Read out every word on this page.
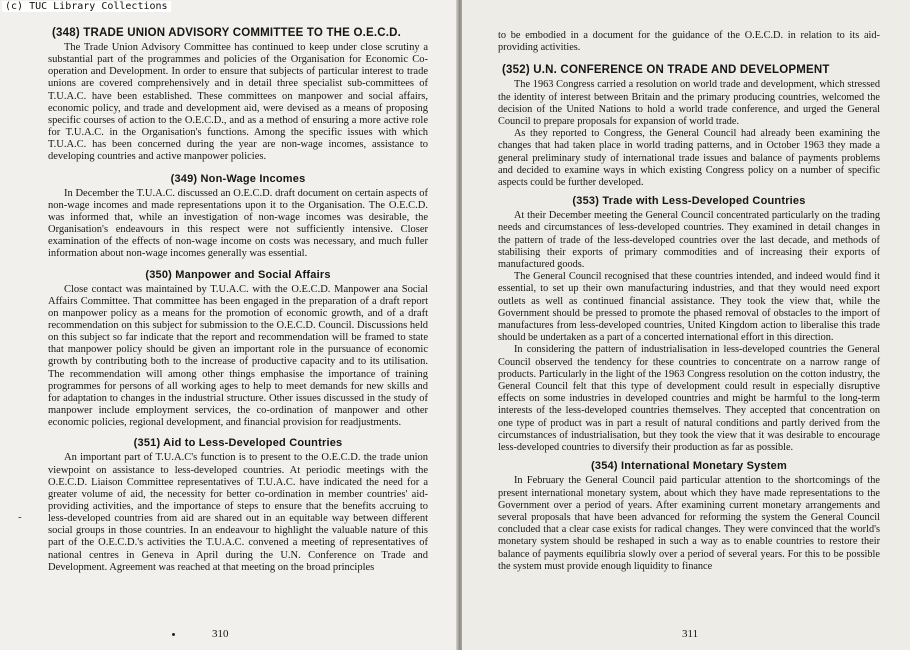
(c) TUC Library Collections
(348) TRADE UNION ADVISORY COMMITTEE TO THE O.E.C.D.

The Trade Union Advisory Committee has continued to keep under close scrutiny a substantial part of the programmes and policies of the Organisation for Economic Co-operation and Development. In order to ensure that subjects of particular interest to trade unions are covered comprehensively and in detail three specialist sub-committees of T.U.A.C. have been established. These committees on manpower and social affairs, economic policy, and trade and development aid, were devised as a means of proposing specific courses of action to the O.E.C.D., and as a method of ensuring a more active role for T.U.A.C. in the Organisation's functions. Among the specific issues with which T.U.A.C. has been concerned during the year are non-wage incomes, assistance to developing countries and active manpower policies.

(349) Non-Wage Incomes

In December the T.U.A.C. discussed an O.E.C.D. draft document on certain aspects of non-wage incomes and made representations upon it to the Organisation. The O.E.C.D. was informed that, while an investigation of non-wage incomes was desirable, the Organisation's endeavours in this respect were not sufficiently intensive. Closer examination of the effects of non-wage income on costs was necessary, and much fuller information about non-wage incomes generally was essential.

(350) Manpower and Social Affairs

Close contact was maintained by T.U.A.C. with the O.E.C.D. Manpower ana Social Affairs Committee. That committee has been engaged in the preparation of a draft report on manpower policy as a means for the promotion of economic growth, and of a draft recommendation on this subject for submission to the O.E.C.D. Council. Discussions held on this subject so far indicate that the report and recommendation will be framed to state that manpower policy should be given an important role in the pursuance of economic growth by contributing both to the increase of productive capacity and to its utilisation. The recommendation will among other things emphasise the importance of training programmes for persons of all working ages to help to meet demands for new skills and for adaptation to changes in the industrial structure. Other issues discussed in the study of manpower include employment services, the co-ordination of manpower and other economic policies, regional development, and financial provision for readjustments.

(351) Aid to Less-Developed Countries

An important part of T.U.A.C's function is to present to the O.E.C.D. the trade union viewpoint on assistance to less-developed countries. At periodic meetings with the O.E.C.D. Liaison Committee representatives of T.U.A.C. have indicated the need for a greater volume of aid, the necessity for better co-ordination in member countries' aid-providing activities, and the importance of steps to ensure that the benefits accruing to less-developed countries from aid are shared out in an equitable way between different social groups in those countries. In an endeavour to highlight the valuable nature of this part of the O.E.C.D.'s activities the T.U.A.C. convened a meeting of representatives of national centres in Geneva in April during the U.N. Conference on Trade and Development. Agreement was reached at that meeting on the broad principles

310
-

to be embodied in a document for the guidance of the O.E.C.D. in relation to its aid-providing activities.

(352) U.N. CONFERENCE ON TRADE AND DEVELOPMENT

The 1963 Congress carried a resolution on world trade and development, which stressed the identity of interest between Britain and the primary producing countries, welcomed the decision of the United Nations to hold a world trade conference, and urged the General Council to prepare proposals for expansion of world trade.

As they reported to Congress, the General Council had already been examining the changes that had taken place in world trading patterns, and in October 1963 they made a general preliminary study of international trade issues and balance of payments problems and decided to examine ways in which existing Congress policy on a number of specific aspects could be further developed.

(353) Trade with Less-Developed Countries

At their December meeting the General Council concentrated particularly on the trading needs and circumstances of less-developed countries. They examined in detail changes in the pattern of trade of the less-developed countries over the last decade, and methods of stabilising their exports of primary commodities and of increasing their exports of manufactured goods.

The General Council recognised that these countries intended, and indeed would find it essential, to set up their own manufacturing industries, and that they would need export outlets as well as continued financial assistance. They took the view that, while the Government should be pressed to promote the phased removal of obstacles to the import of manufactures from less-developed countries, United Kingdom action to liberalise this trade should be undertaken as a part of a concerted international effort in this direction.

In considering the pattern of industrialisation in less-developed countries the General Council observed the tendency for these countries to concentrate on a narrow range of products. Particularly in the light of the 1963 Congress resolution on the cotton industry, the General Council felt that this type of development could result in especially disruptive effects on some industries in developed countries and might be harmful to the long-term interests of the less-developed countries themselves. They accepted that concentration on one type of product was in part a result of natural conditions and partly derived from the circumstances of industrialisation, but they took the view that it was desirable to encourage less-developed countries to diversify their production as far as possible.

(354) International Monetary System

In February the General Council paid particular attention to the shortcomings of the present international monetary system, about which they have made representations to the Government over a period of years. After examining current monetary arrangements and several proposals that have been advanced for reforming the system the General Council concluded that a clear case exists for radical changes. They were convinced that the world's monetary system should be reshaped in such a way as to enable countries to restore their balance of payments equilibria slowly over a period of several years. For this to be possible the system must provide enough liquidity to finance

311
